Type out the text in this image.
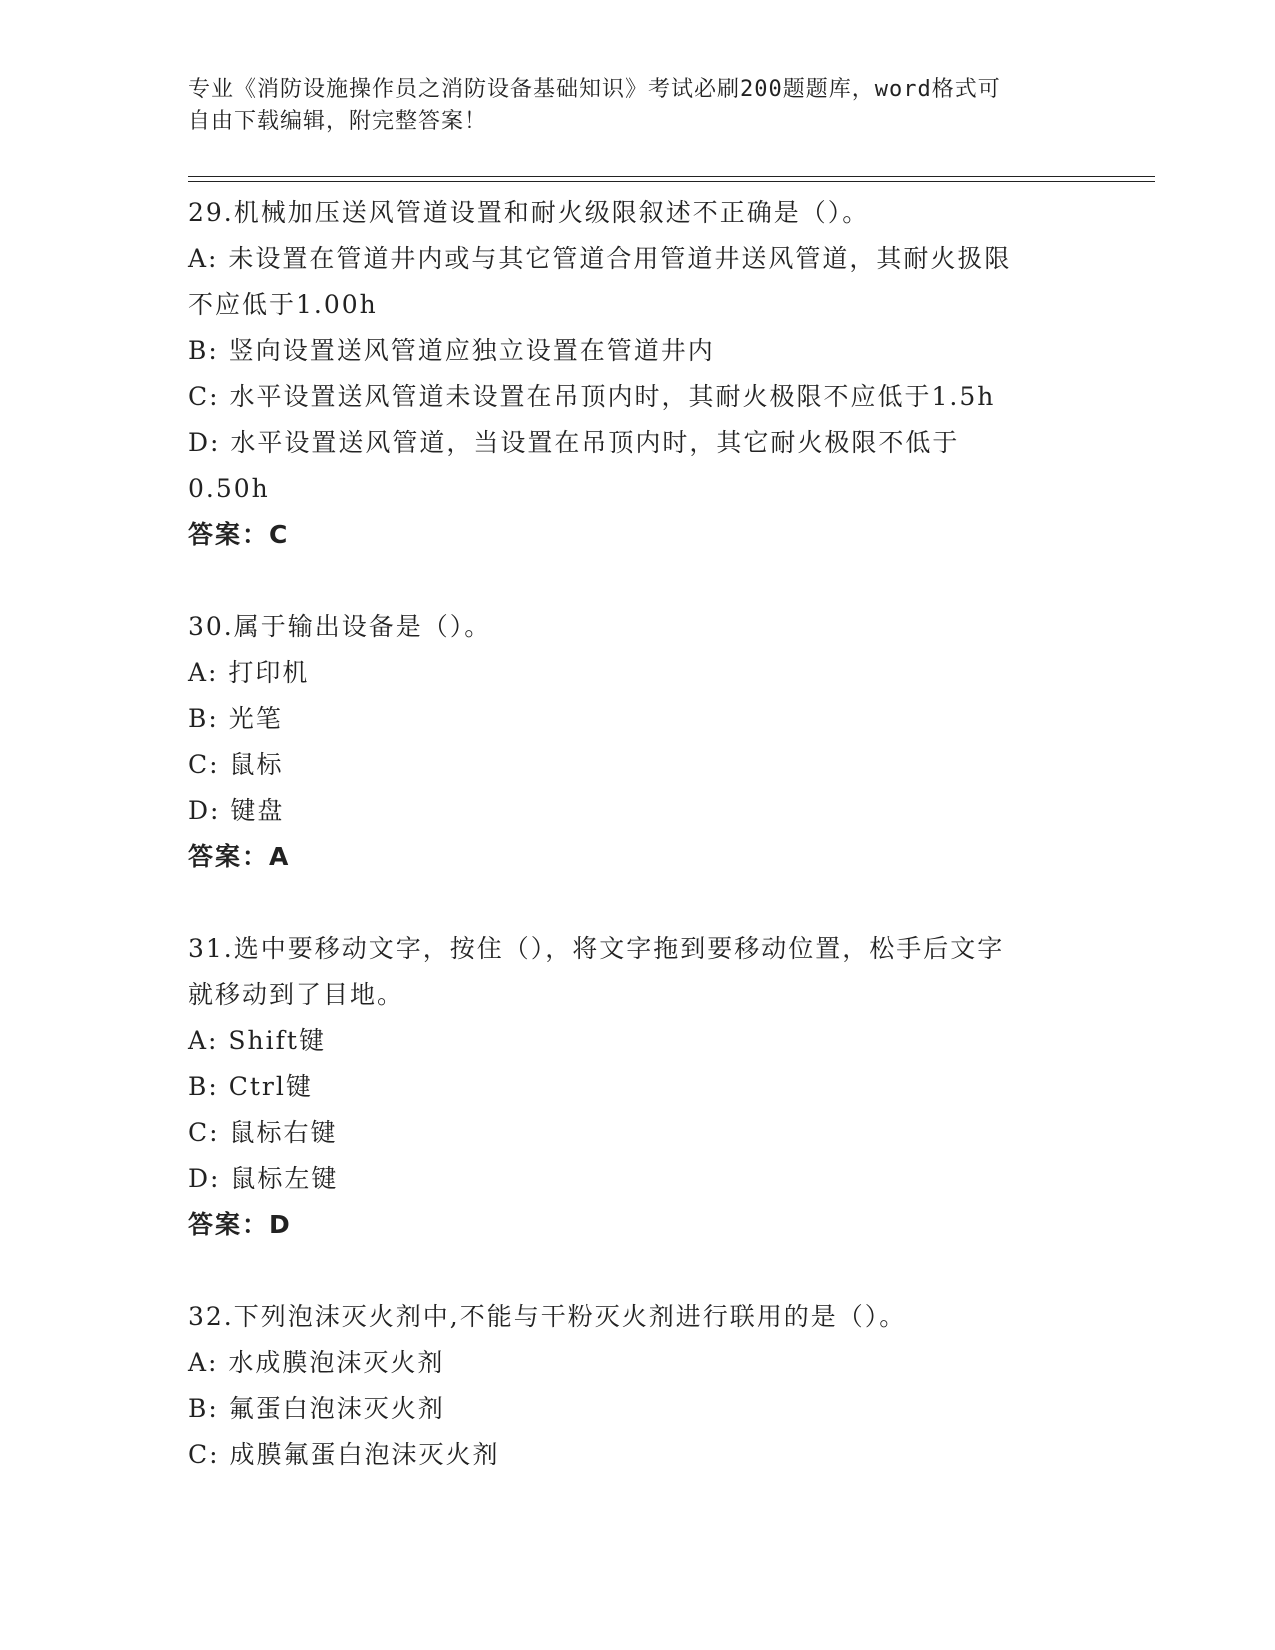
专业《消防设施操作员之消防设备基础知识》考试必刷200题题库，word格式可
自由下载编辑，附完整答案！
29.机械加压送风管道设置和耐火级限叙述不正确是（）。
A: 未设置在管道井内或与其它管道合用管道井送风管道，其耐火扱限
不应低于1.00h
B: 竖向设置送风管道应独立设置在管道井内
C: 水平设置送风管道未设置在吊顶内时，其耐火极限不应低于1.5h
D: 水平设置送风管道，当设置在吊顶内时，其它耐火极限不低于
0.50h
答案：C
30.属于输出设备是（）。
A: 打印机
B: 光笔
C: 鼠标
D: 键盘
答案：A
31.选中要移动文字，按住（），将文字拖到要移动位置，松手后文字
就移动到了目地。
A: Shift键
B: Ctrl键
C: 鼠标右键
D: 鼠标左键
答案：D
32.下列泡沫灭火剂中,不能与干粉灭火剂进行联用的是（）。
A: 水成膜泡沫灭火剂
B: 氟蛋白泡沫灭火剂
C: 成膜氟蛋白泡沫灭火剂
